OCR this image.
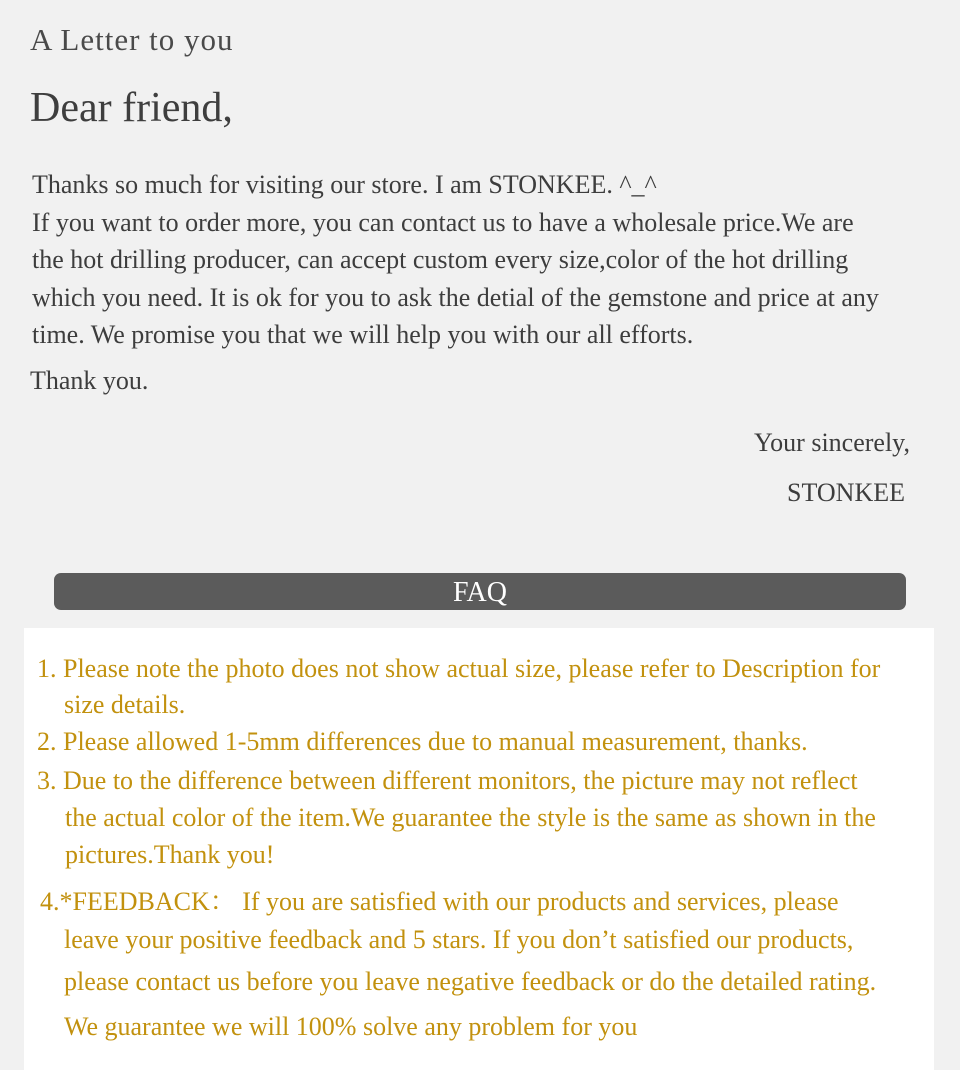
A Letter to you
Dear friend,

Thanks so much for visiting our store. I am STONKEE. ^_^
If you want to order more, you can contact us to have a wholesale price.We are
the hot drilling producer, can accept custom every size,color of the hot drilling
which you need. It is ok for you to ask the detial of the gemstone and price at any
time. We promise you that we will help you with our all efforts.

Thank you.

Your sincerely,

STONKEE

FAQ
1. Please note the photo does not show actual size, please refer to Description for
size details.
2. Please allowed 1-5mm differences due to manual measurement, thanks.
3. Due to the difference between different monitors, the picture may not reflect
the actual color of the item.We guarantee the style is the same as shown in the
pictures.Thank you!
4.*FEEDBACK： If you are satisfied with our products and services, please
leave your positive feedback and 5 stars. If you don’t satisfied our products,
please contact us before you leave negative feedback or do the detailed rating.
We guarantee we will 100% solve any problem for you
